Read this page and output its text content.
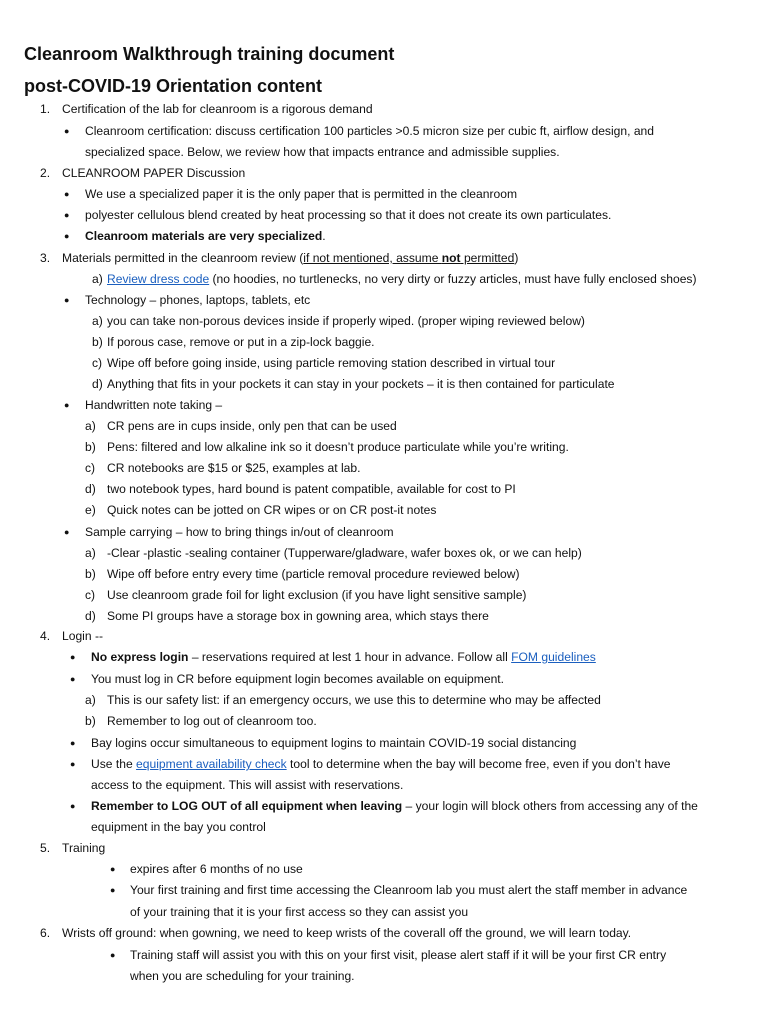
Cleanroom Walkthrough training document
post-COVID-19 Orientation content
1. Certification of the lab for cleanroom is a rigorous demand
● Cleanroom certification: discuss certification 100 particles >0.5 micron size per cubic ft, airflow design, and
specialized space. Below, we review how that impacts entrance and admissible supplies.
2. CLEANROOM PAPER Discussion
● We use a specialized paper it is the only paper that is permitted in the cleanroom
● polyester cellulous blend created by heat processing so that it does not create its own particulates.
● Cleanroom materials are very specialized.
3. Materials permitted in the cleanroom review (if not mentioned, assume not permitted)
a) Review dress code (no hoodies, no turtlenecks, no very dirty or fuzzy articles, must have fully enclosed shoes)
● Technology – phones, laptops, tablets, etc
a) you can take non-porous devices inside if properly wiped. (proper wiping reviewed below)
b) If porous case, remove or put in a zip-lock baggie.
c) Wipe off before going inside, using particle removing station described in virtual tour
d) Anything that fits in your pockets it can stay in your pockets – it is then contained for particulate
● Handwritten note taking –
a) CR pens are in cups inside, only pen that can be used
b) Pens: filtered and low alkaline ink so it doesn’t produce particulate while you’re writing.
c) CR notebooks are $15 or $25, examples at lab.
d) two notebook types, hard bound is patent compatible, available for cost to PI
e) Quick notes can be jotted on CR wipes or on CR post-it notes
● Sample carrying – how to bring things in/out of cleanroom
a) -Clear -plastic -sealing container (Tupperware/gladware, wafer boxes ok, or we can help)
b) Wipe off before entry every time (particle removal procedure reviewed below)
c) Use cleanroom grade foil for light exclusion (if you have light sensitive sample)
d) Some PI groups have a storage box in gowning area, which stays there
4. Login --
● No express login – reservations required at lest 1 hour in advance. Follow all FOM guidelines
● You must log in CR before equipment login becomes available on equipment.
a) This is our safety list: if an emergency occurs, we use this to determine who may be affected
b) Remember to log out of cleanroom too.
● Bay logins occur simultaneous to equipment logins to maintain COVID-19 social distancing
● Use the equipment availability check tool to determine when the bay will become free, even if you don’t have
access to the equipment. This will assist with reservations.
● Remember to LOG OUT of all equipment when leaving – your login will block others from accessing any of the
equipment in the bay you control
5. Training
● expires after 6 months of no use
● Your first training and first time accessing the Cleanroom lab you must alert the staff member in advance
of your training that it is your first access so they can assist you
6. Wrists off ground: when gowning, we need to keep wrists of the coverall off the ground, we will learn today.
● Training staff will assist you with this on your first visit, please alert staff if it will be your first CR entry
when you are scheduling for your training.
